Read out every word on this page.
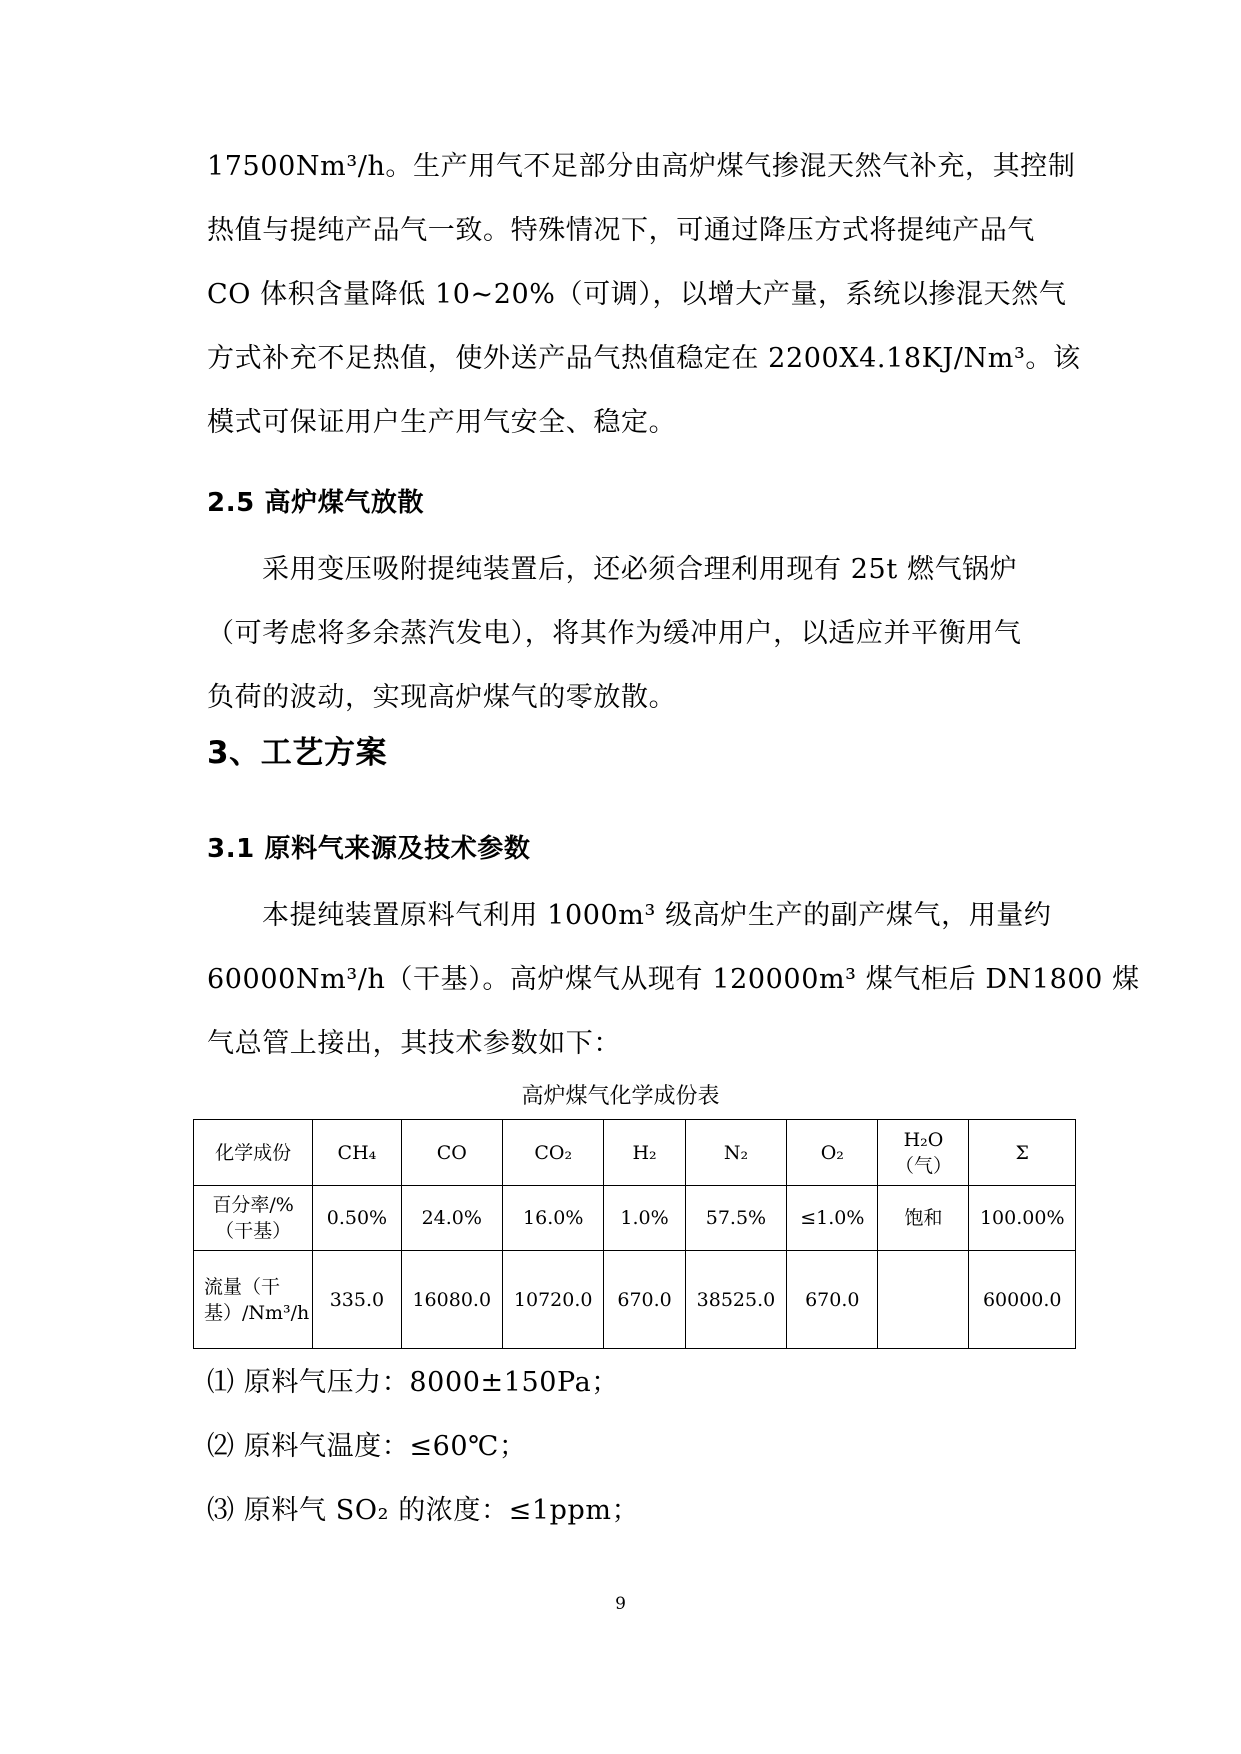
17500Nm³/h。生产用气不足部分由高炉煤气掺混天然气补充，其控制
热值与提纯产品气一致。特殊情况下，可通过降压方式将提纯产品气
CO 体积含量降低 10~20%（可调），以增大产量，系统以掺混天然气
方式补充不足热值，使外送产品气热值稳定在 2200X4.18KJ/Nm³。该
模式可保证用户生产用气安全、稳定。
2.5 高炉煤气放散
采用变压吸附提纯装置后，还必须合理利用现有 25t 燃气锅炉
（可考虑将多余蒸汽发电），将其作为缓冲用户，以适应并平衡用气
负荷的波动，实现高炉煤气的零放散。
3、工艺方案
3.1 原料气来源及技术参数
本提纯装置原料气利用 1000m³ 级高炉生产的副产煤气，用量约
60000Nm³/h（干基）。高炉煤气从现有 120000m³ 煤气柜后 DN1800 煤
气总管上接出，其技术参数如下：
高炉煤气化学成份表
化学成份	CH₄	CO	CO₂	H₂	N₂	O₂	H₂O（气）	Σ
百分率/%（干基）	0.50%	24.0%	16.0%	1.0%	57.5%	≤1.0%	饱和	100.00%
流量（干基）/Nm³/h	335.0	16080.0	10720.0	670.0	38525.0	670.0		60000.0
⑴ 原料气压力：8000±150Pa；
⑵ 原料气温度：≤60℃；
⑶ 原料气 SO₂ 的浓度：≤1ppm；
9
